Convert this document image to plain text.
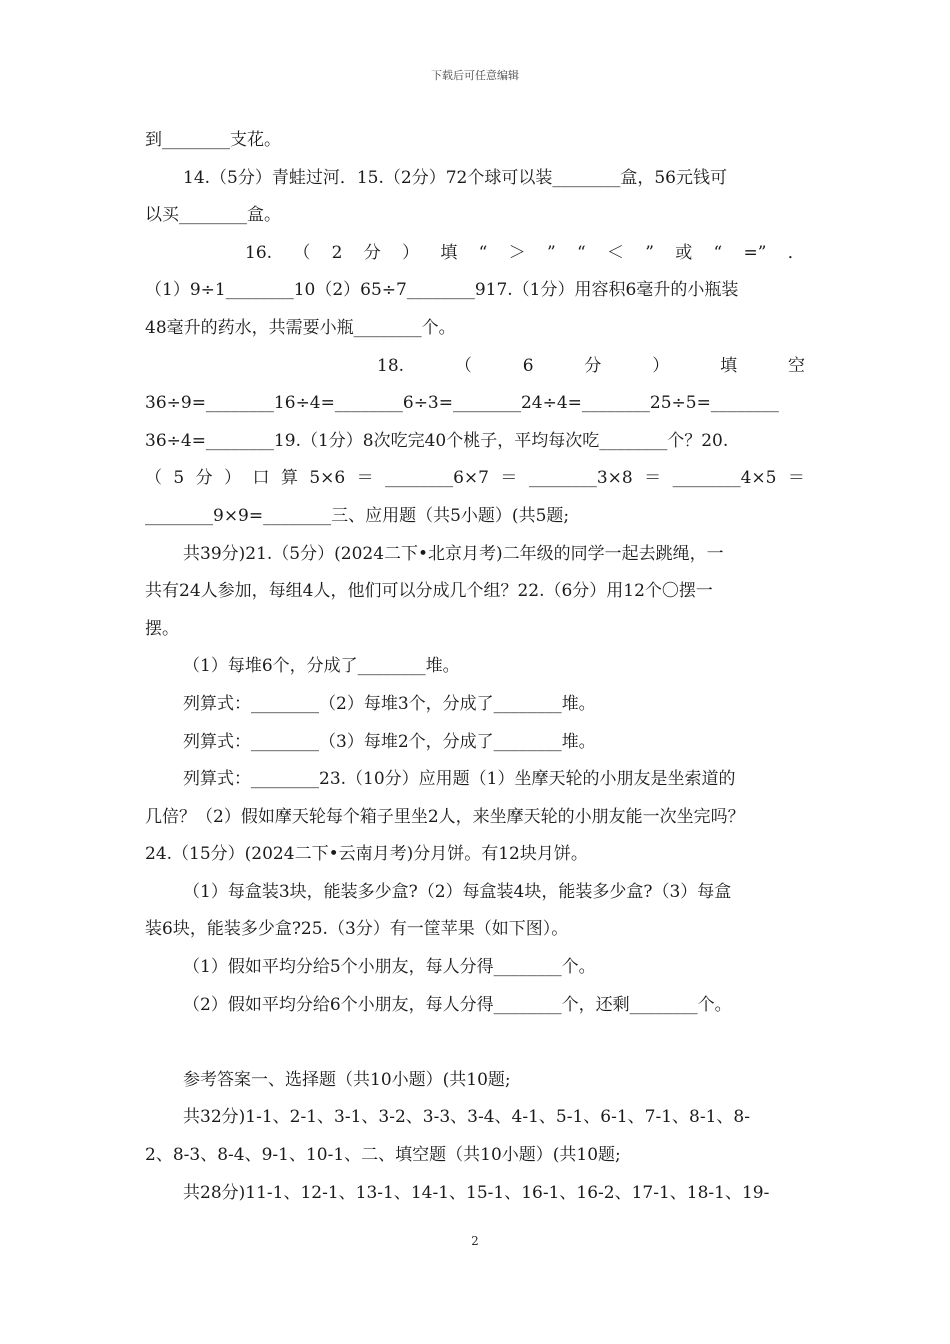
下载后可任意编辑
到________支花。
14.（5分）青蛙过河．15.（2分）72个球可以装________盒，56元钱可
以买________盒。
16. （ 2 分 ） 填 “ ＞ ” “ ＜ ” 或 “ =” ．
（1）9÷1________10（2）65÷7________917.（1分）用容积6毫升的小瓶装
48毫升的药水，共需要小瓶________个。
18.	（	6	分	）	填	空
36÷9=________16÷4=________6÷3=________24÷4=________25÷5=________
36÷4=________19.（1分）8次吃完40个桃子，平均每次吃________个？20.
（ 5 分 ） 口 算 5×6 ＝ ________6×7 ＝ ________3×8 ＝ ________4×5 ＝
________9×9=________三、应用题（共5小题）(共5题;
共39分)21.（5分）(2024二下•北京月考)二年级的同学一起去跳绳，一
共有24人参加，每组4人，他们可以分成几个组？22.（6分）用12个〇摆一
摆。
（1）每堆6个，分成了________堆。
列算式：________（2）每堆3个，分成了________堆。
列算式：________（3）每堆2个，分成了________堆。
列算式：________23.（10分）应用题（1）坐摩天轮的小朋友是坐索道的
几倍？（2）假如摩天轮每个箱子里坐2人，来坐摩天轮的小朋友能一次坐完吗？
24.（15分）(2024二下•云南月考)分月饼。有12块月饼。
（1）每盒装3块，能装多少盒?（2）每盒装4块，能装多少盒?（3）每盒
装6块，能装多少盒?25.（3分）有一筐苹果（如下图）。
（1）假如平均分给5个小朋友，每人分得________个。
（2）假如平均分给6个小朋友，每人分得________个，还剩________个。
参考答案一、选择题（共10小题）(共10题;
共32分)1-1、2-1、3-1、3-2、3-3、3-4、4-1、5-1、6-1、7-1、8-1、8-
2、8-3、8-4、9-1、10-1、二、填空题（共10小题）(共10题;
共28分)11-1、12-1、13-1、14-1、15-1、16-1、16-2、17-1、18-1、19-
2
